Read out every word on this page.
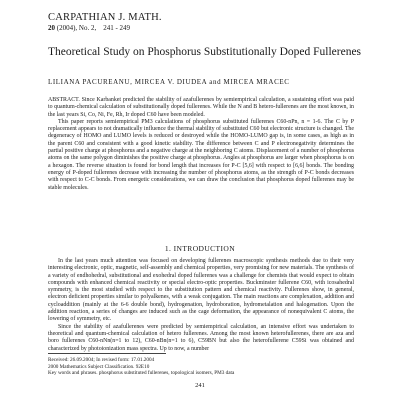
CARPATHIAN J. MATH.
20 (2004), No. 2, 241 - 249
Theoretical Study on Phosphorus Substitutionally Doped Fullerenes
LILIANA PACUREANU, MIRCEA V. DIUDEA and MIRCEA MRACEC

ABSTRACT. Since Karbanket predicted the stability of azafullerenes by semiempirical calculation, a sustaining effort was paid to quantum-chemical calculation of substitutionally doped fullerenes. While the N and B hetero-fullerenes are the most known, in the last years Si, Co, Ni, Fe, Rh, Ir doped C60 have been modeled.

This paper reports semiempirical PM3 calculations of phosphorus substituted fullerenes C60-nPn, n = 1-6. The C by P replacement appears to not dramatically influence the thermal stability of substituted C60 but electronic structure is changed. The degeneracy of HOMO and LUMO levels is reduced or destroyed while the HOMO-LUMO gap is, in some cases, as high as in the parent C60 and consistent with a good kinetic stability. The difference between C and P electronegativity determines the partial positive charge at phosphorus and a negative charge at the neighboring C atoms. Displacement of a number of phosphorus atoms on the same polygon diminishes the positive charge at phosphorus. Angles at phosphorus are larger when phosphorus is on a hexagon. The reverse situation is found for bond length that increases for P-C [5,6] with respect to [6,6] bonds. The bonding energy of P-doped fullerenes decrease with increasing the number of phosphorus atoms, as the strength of P-C bonds decreases with respect to C-C bonds. From energetic considerations, we can draw the conclusion that phosphorus doped fullerenes may be stable molecules.

1. INTRODUCTION

In the last years much attention was focused on developing fullerenes macroscopic synthesis methods due to their very interesting electronic, optic, magnetic, self-assembly and chemical properties, very promising for new materials. The synthesis of a variety of endhohedral, substitutional and exohedral doped fullerenes was a challenge for chemists that would expect to obtain compounds with enhanced chemical reactivity or special electro-optic properties. Buckminster fullerene C60, with icosahedral symmetry, is the most studied with respect to the substitution pattern and chemical reactivity. Fullerenes show, in general, electron deficient properties similar to polyalkenes, with a weak conjugation. The main reactions are complexation, addition and cycloaddition (mainly at the 6-6 double bond), hydrogenation, hydroboration, hydrometalation and halogenation. Upon the addition reaction, a series of changes are induced such as the cage deformation, the appearance of nonequivalent C atoms, the lowering of symmetry, etc.

Since the stability of azafullerenes were predicted by semiempirical calculation, an intensive effort was undertaken to theoretical and quantum-chemical calculation of hetero fullerenes. Among the most known heterofullerenes, there are aza and boro fullerenes C60-nNn(n=1 to 12), C60-nBn(n=1 to 6), C59BN but also the heterofullerene C59Si was obtained and characterized by photoionization mass spectra. Up to now, a number

Received: 26.09.2004; In revised form: 17.01.2004
2000 Mathematics Subject Classification. 92E10
Key words and phrases. phosphorus substituted fullerenes, topological isomers, PM3 data
241
